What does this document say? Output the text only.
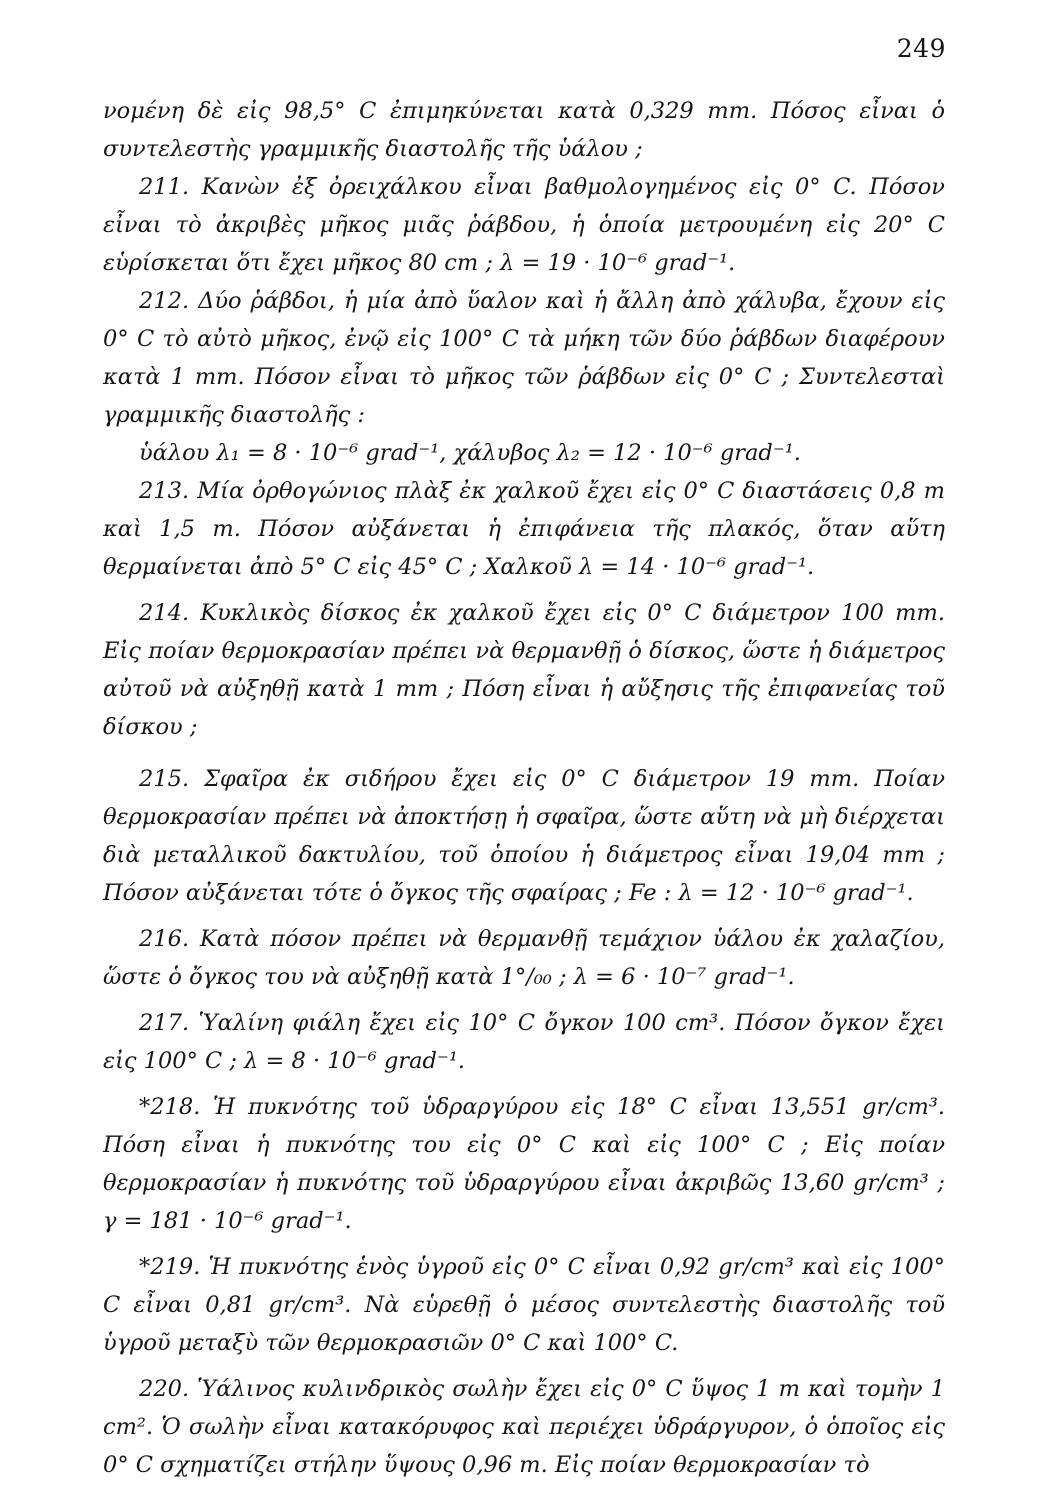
249

νομένη δὲ εἰς 98,5° C ἐπιμηκύνεται κατὰ 0,329 mm. Πόσος εἶναι ὁ συντελεστὴς γραμμικῆς διαστολῆς τῆς ὑάλου ;

211. Κανὼν ἐξ ὀρειχάλκου εἶναι βαθμολογημένος εἰς 0° C. Πόσον εἶναι τὸ ἀκριβὲς μῆκος μιᾶς ῥάβδου, ἡ ὁποία μετρουμένη εἰς 20° C εὑρίσκεται ὅτι ἔχει μῆκος 80 cm ; λ = 19 · 10⁻⁶ grad⁻¹.

212. Δύο ῥάβδοι, ἡ μία ἀπὸ ὕαλον καὶ ἡ ἄλλη ἀπὸ χάλυβα, ἔχουν εἰς 0° C τὸ αὐτὸ μῆκος, ἐνῷ εἰς 100° C τὰ μήκη τῶν δύο ῥάβδων διαφέρουν κατὰ 1 mm. Πόσον εἶναι τὸ μῆκος τῶν ῥάβδων εἰς 0° C ; Συντελεσταὶ γραμμικῆς διαστολῆς :

ὑάλου λ₁ = 8 · 10⁻⁶ grad⁻¹, χάλυβος λ₂ = 12 · 10⁻⁶ grad⁻¹.

213. Μία ὀρθογώνιος πλὰξ ἐκ χαλκοῦ ἔχει εἰς 0° C διαστάσεις 0,8 m καὶ 1,5 m. Πόσον αὐξάνεται ἡ ἐπιφάνεια τῆς πλακός, ὅταν αὕτη θερμαίνεται ἀπὸ 5° C εἰς 45° C ; Χαλκοῦ λ = 14 · 10⁻⁶ grad⁻¹.

214. Κυκλικὸς δίσκος ἐκ χαλκοῦ ἔχει εἰς 0° C διάμετρον 100 mm. Εἰς ποίαν θερμοκρασίαν πρέπει νὰ θερμανθῇ ὁ δίσκος, ὥστε ἡ διάμετρος αὐτοῦ νὰ αὐξηθῇ κατὰ 1 mm ; Πόση εἶναι ἡ αὔξησις τῆς ἐπιφανείας τοῦ δίσκου ;

215. Σφαῖρα ἐκ σιδήρου ἔχει εἰς 0° C διάμετρον 19 mm. Ποίαν θερμοκρασίαν πρέπει νὰ ἀποκτήσῃ ἡ σφαῖρα, ὥστε αὕτη νὰ μὴ διέρχεται διὰ μεταλλικοῦ δακτυλίου, τοῦ ὁποίου ἡ διάμετρος εἶναι 19,04 mm ; Πόσον αὐξάνεται τότε ὁ ὄγκος τῆς σφαίρας ; Fe : λ = 12 · 10⁻⁶ grad⁻¹.

216. Κατὰ πόσον πρέπει νὰ θερμανθῇ τεμάχιον ὑάλου ἐκ χαλαζίου, ὥστε ὁ ὄγκος του νὰ αὐξηθῇ κατὰ 1°/₀₀ ; λ = 6 · 10⁻⁷ grad⁻¹.

217. Ὑαλίνη φιάλη ἔχει εἰς 10° C ὄγκον 100 cm³. Πόσον ὄγκον ἔχει εἰς 100° C ; λ = 8 · 10⁻⁶ grad⁻¹.

*218. Ἡ πυκνότης τοῦ ὑδραργύρου εἰς 18° C εἶναι 13,551 gr/cm³. Πόση εἶναι ἡ πυκνότης του εἰς 0° C καὶ εἰς 100° C ; Εἰς ποίαν θερμοκρασίαν ἡ πυκνότης τοῦ ὑδραργύρου εἶναι ἀκριβῶς 13,60 gr/cm³ ; γ = 181 · 10⁻⁶ grad⁻¹.

*219. Ἡ πυκνότης ἑνὸς ὑγροῦ εἰς 0° C εἶναι 0,92 gr/cm³ καὶ εἰς 100° C εἶναι 0,81 gr/cm³. Νὰ εὑρεθῇ ὁ μέσος συντελεστὴς διαστολῆς τοῦ ὑγροῦ μεταξὺ τῶν θερμοκρασιῶν 0° C καὶ 100° C.

220. Ὑάλινος κυλινδρικὸς σωλὴν ἔχει εἰς 0° C ὕψος 1 m καὶ τομὴν 1 cm². Ὁ σωλὴν εἶναι κατακόρυφος καὶ περιέχει ὑδράργυρον, ὁ ὁποῖος εἰς 0° C σχηματίζει στήλην ὕψους 0,96 m. Εἰς ποίαν θερμοκρασίαν τὸ
